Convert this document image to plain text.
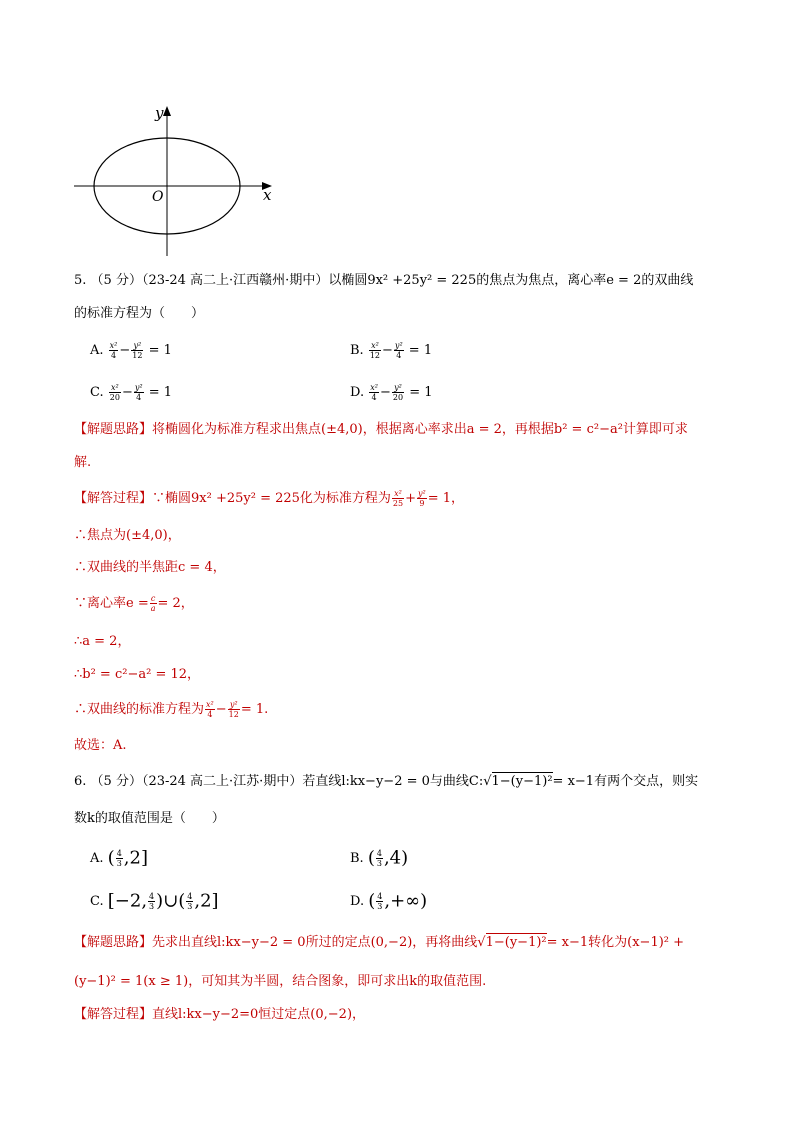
y
x
O
5. （5 分）（23-24 高二上·江西赣州·期中）以椭圆9x² +25y² = 225的焦点为焦点，离心率e = 2的双曲线
的标准方程为（　　）
A. $\frac{\text{x²}}{4} - \frac{\text{y²}}{12} = 1$	B. $\frac{\text{x²}}{12} - \frac{\text{y²}}{4} = 1$
C. $\frac{\text{x²}}{20} - \frac{\text{y²}}{4} = 1$	D. $\frac{\text{x²}}{4} - \frac{\text{y²}}{20} = 1$
【解题思路】将椭圆化为标准方程求出焦点(±4,0)，根据离心率求出a = 2，再根据b² = c²−a²计算即可求
解.
【解答过程】∵椭圆9x² +25y² = 225化为标准方程为 $\frac{\text{x²}}{25} + \frac{\text{y²}}{9} = 1$，
∴焦点为(±4,0)，
∴双曲线的半焦距c = 4，
∵离心率$e = \frac{c}{a} = 2$，
∴a = 2，
∴b² = c²−a² = 12，
∴双曲线的标准方程为 $\frac{\text{x²}}{4} - \frac{\text{y²}}{12} = 1$.
故选：A.
6. （5 分）（23-24 高二上·江苏·期中）若直线l:kx−y−2 = 0与曲线C:√1−(y−1)²= x−1有两个交点，则实
数k的取值范围是（　　）
A. ( $\frac{4}{3} ,2$]	B. ( $\frac{4}{3} ,4$)
C. [−2, $\frac{4}{3}$ )∪( $\frac{4}{3} ,2$]	D. ( $\frac{4}{3}$ ,+∞)
【解题思路】先求出直线l:kx−y−2 = 0所过的定点(0,−2)，再将曲线√1−(y−1)²= x−1转化为(x−1)² +
(y−1)² = 1(x ≥ 1)，可知其为半圆，结合图象，即可求出k的取值范围.
【解答过程】直线l:kx−y−2=0恒过定点(0,−2)，
